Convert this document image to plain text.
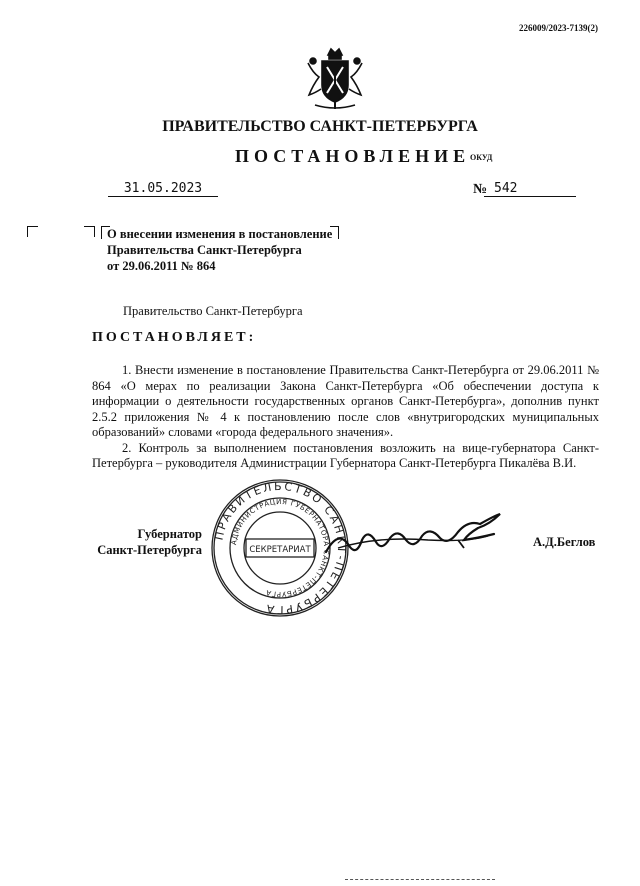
226009/2023-7139(2)
ПРАВИТЕЛЬСТВО САНКТ-ПЕТЕРБУРГА
ПОСТАНОВЛЕНИЕ ОКУД
31.05.2023	№ 542
О внесении изменения в постановление
Правительства Санкт-Петербурга
от 29.06.2011 № 864
Правительство Санкт-Петербурга
ПОСТАНОВЛЯЕТ:

1. Внести изменение в постановление Правительства Санкт-Петербурга от 29.06.2011 № 864 «О мерах по реализации Закона Санкт-Петербурга «Об обеспечении доступа к информации о деятельности государственных органов Санкт-Петербурга», дополнив пункт 2.5.2 приложения № 4 к постановлению после слов «внутригородских муниципальных образований» словами «города федерального значения».

2. Контроль за выполнением постановления возложить на вице-губернатора Санкт-Петербурга – руководителя Администрации Губернатора Санкт-Петербурга Пикалёва В.И.

Губернатор
Санкт-Петербурга
ПРАВИТЕЛЬСТВО САНКТ-ПЕТЕРБУРГА
АДМИНИСТРАЦИЯ ГУБЕРНАТОРА САНКТ-ПЕТЕРБУРГА
СЕКРЕТАРИАТ
А.Д.Беглов
